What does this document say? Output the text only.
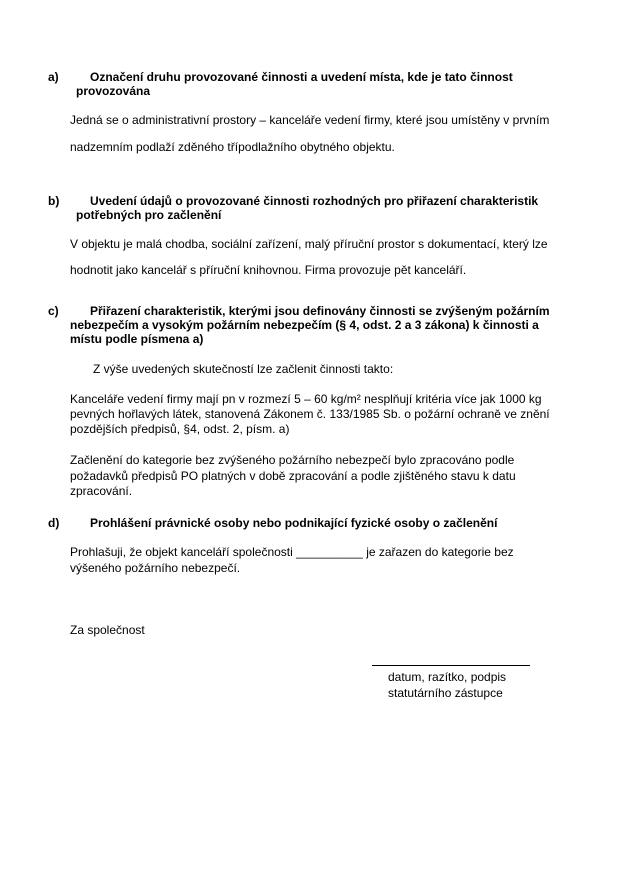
a)	Označení druhu provozované činnosti a uvedení místa, kde je tato činnost
provozována
Jedná se o administrativní prostory – kanceláře vedení firmy, které jsou umístěny v prvním
nadzemním podlaží zděného třípodlažního obytného objektu.
b)	Uvedení údajů o provozované činnosti rozhodných pro přiřazení charakteristik
potřebných pro začlenění
V objektu je malá chodba, sociální zařízení, malý příruční prostor s dokumentací, který lze
hodnotit jako kancelář s příruční knihovnou. Firma provozuje pět kanceláří.
c)	Přiřazení charakteristik, kterými jsou definovány činnosti se zvýšeným požárním
nebezpečím a vysokým požárním nebezpečím (§ 4, odst. 2 a 3 zákona) k činnosti a
místu podle písmena a)
Z výše uvedených skutečností lze začlenit činnosti takto:
Kanceláře vedení firmy mají pn v rozmezí 5 – 60 kg/m² nesplňují kritéria více jak 1000 kg
pevných hořlavých látek, stanovená Zákonem č. 133/1985 Sb. o požární ochraně ve znění
pozdějších předpisů, §4, odst. 2, písm. a)
Začlenění do kategorie bez zvýšeného požárního nebezpečí bylo zpracováno podle
požadavků předpisů PO platných v době zpracování a podle zjištěného stavu k datu
zpracování.
d)	Prohlášení právnické osoby nebo podnikající fyzické osoby o začlenění
Prohlašuji, že objekt kanceláří společnosti __________ je zařazen do kategorie bez
výšeného požárního nebezpečí.
Za společnost
datum, razítko, podpis
statutárního zástupce
